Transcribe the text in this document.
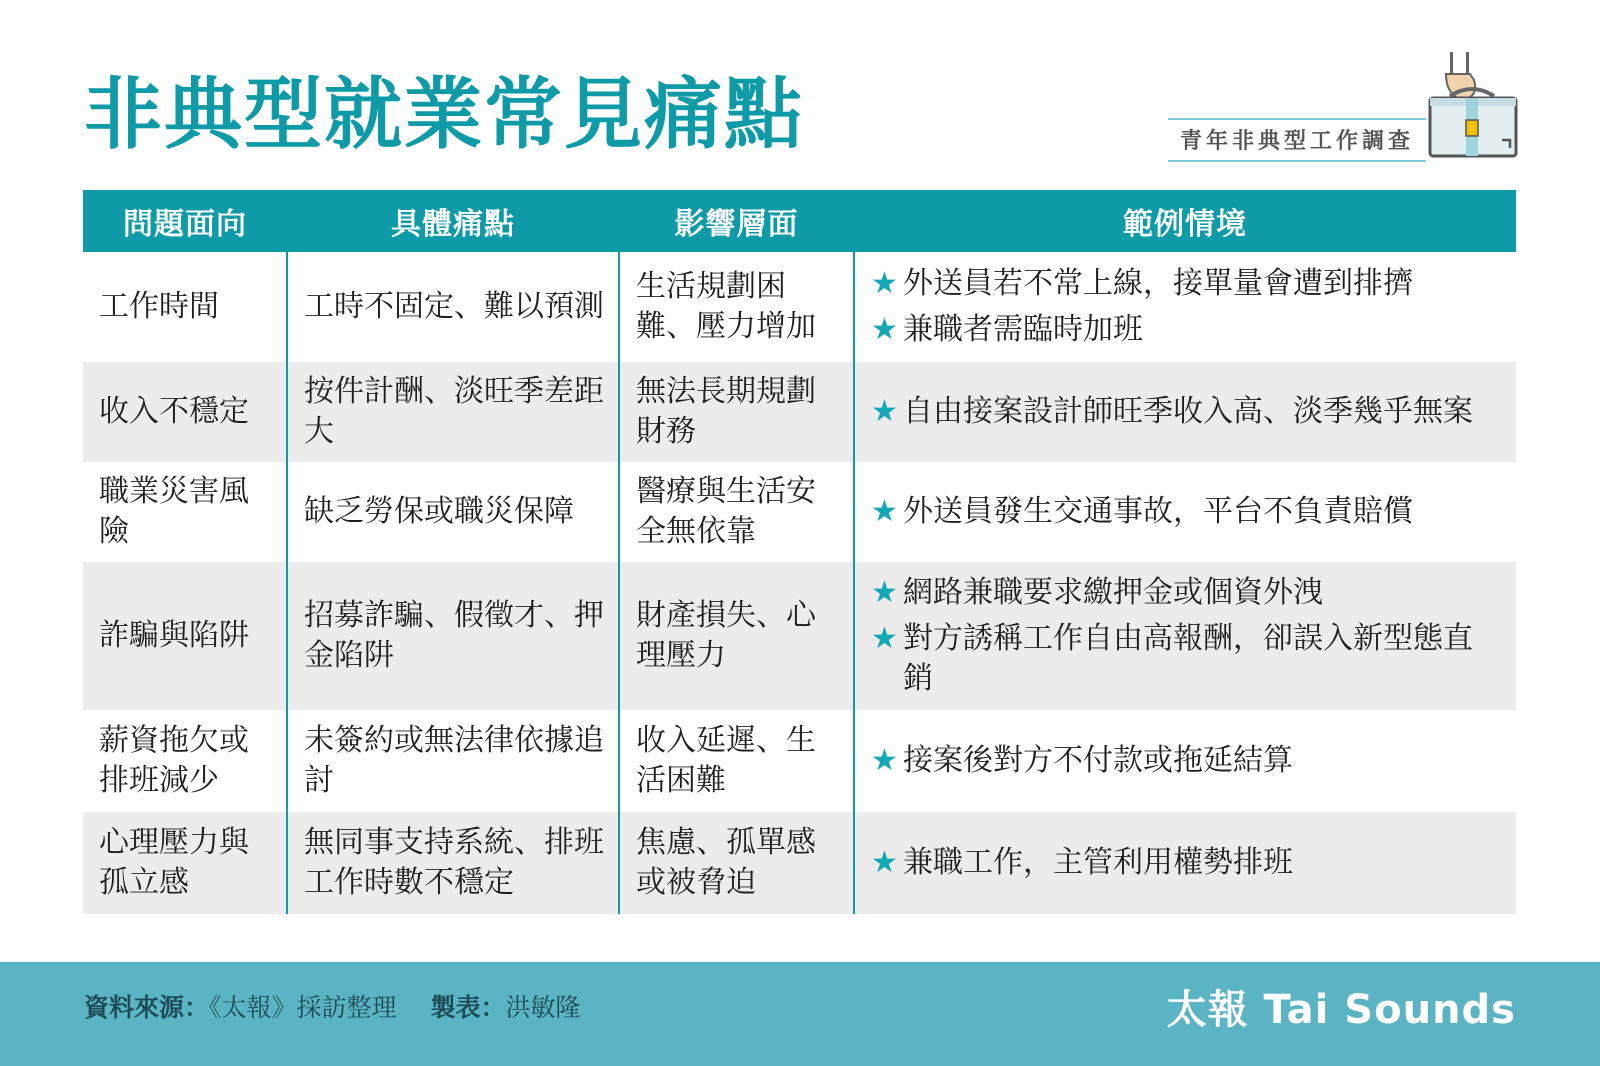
非典型就業常見痛點	青年非典型工作調查
問題面向	具體痛點	影響層面	範例情境
工作時間	工時不固定、難以預測	生活規劃困難、壓力增加	★ 外送員若不常上線，接單量會遭到排擠
★ 兼職者需臨時加班

收入不穩定	按件計酬、淡旺季差距大	無法長期規劃財務	★ 自由接案設計師旺季收入高、淡季幾乎無案

職業災害風險	缺乏勞保或職災保障	醫療與生活安全無依靠	★ 外送員發生交通事故，平台不負責賠償

詐騙與陷阱	招募詐騙、假徵才、押金陷阱	財產損失、心理壓力	★ 網路兼職要求繳押金或個資外洩
★ 對方誘稱工作自由高報酬，卻誤入新型態直銷

薪資拖欠或排班減少	未簽約或無法律依據追討	收入延遲、生活困難	★ 接案後對方不付款或拖延結算

心理壓力與孤立感	無同事支持系統、排班工作時數不穩定	焦慮、孤單感或被脅迫	★ 兼職工作，主管利用權勢排班
資料來源：《太報》採訪整理 製表：洪敏隆	太報 Tai Sounds
